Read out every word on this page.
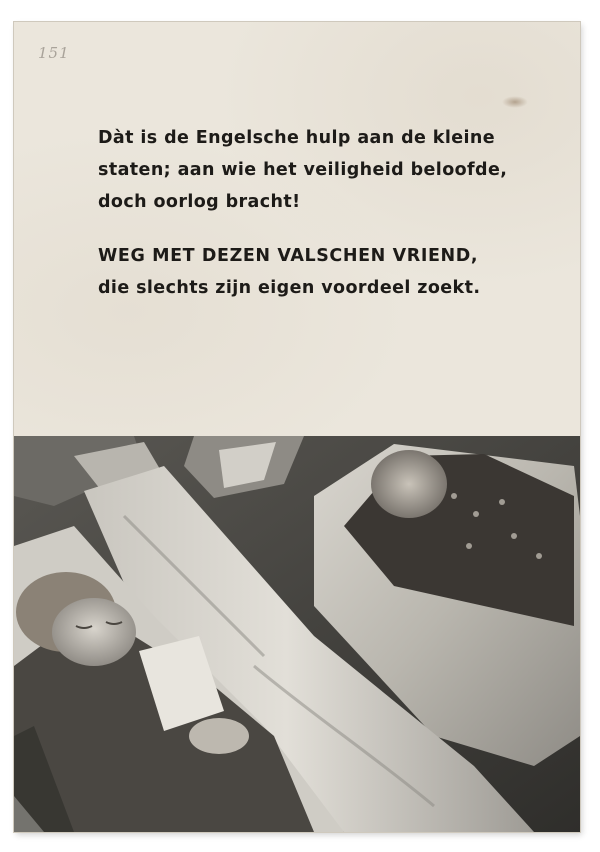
151
Dàt is de Engelsche hulp aan de kleine
staten; aan wie het veiligheid beloofde,
doch oorlog bracht!
WEG MET DEZEN VALSCHEN VRIEND,
die slechts zijn eigen voordeel zoekt.
